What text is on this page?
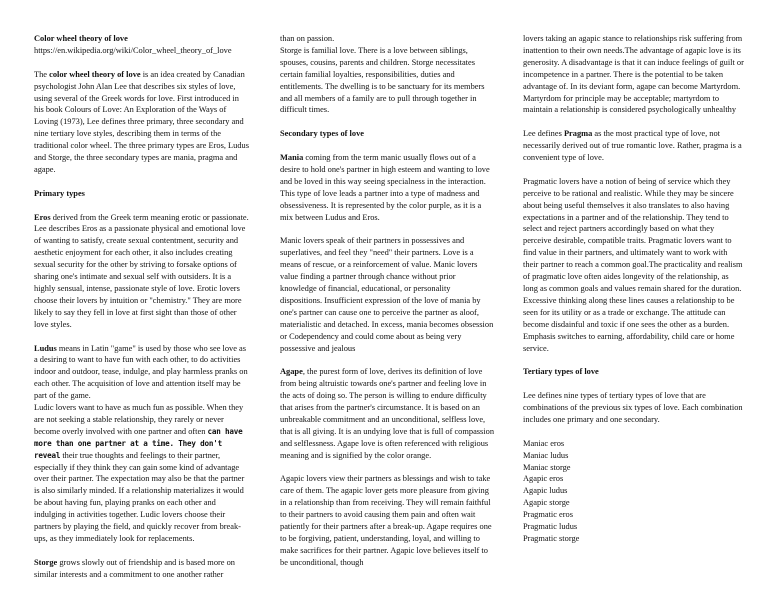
Color wheel theory of love

https://en.wikipedia.org/wiki/Color_wheel_theory_of_love

The color wheel theory of love is an idea created by Canadian psychologist John Alan Lee that describes six styles of love, using several of the Greek words for love. First introduced in his book Colours of Love: An Exploration of the Ways of Loving (1973), Lee defines three primary, three secondary and nine tertiary love styles, describing them in terms of the traditional color wheel. The three primary types are Eros, Ludus and Storge, the three secondary types are mania, pragma and agape.

Primary types

Eros derived from the Greek term meaning erotic or passionate. Lee describes Eros as a passionate physical and emotional love of wanting to satisfy, create sexual contentment, security and aesthetic enjoyment for each other, it also includes creating sexual security for the other by striving to forsake options of sharing one's intimate and sexual self with outsiders. It is a highly sensual, intense, passionate style of love. Erotic lovers choose their lovers by intuition or "chemistry." They are more likely to say they fell in love at first sight than those of other love styles.

Ludus means in Latin "game" is used by those who see love as a desiring to want to have fun with each other, to do activities indoor and outdoor, tease, indulge, and play harmless pranks on each other. The acquisition of love and attention itself may be part of the game.

Ludic lovers want to have as much fun as possible. When they are not seeking a stable relationship, they rarely or never become overly involved with one partner and often can have more than one partner at a time. They don't reveal their true thoughts and feelings to their partner, especially if they think they can gain some kind of advantage over their partner. The expectation may also be that the partner is also similarly minded. If a relationship materializes it would be about having fun, playing pranks on each other and indulging in activities together. Ludic lovers choose their partners by playing the field, and quickly recover from break-ups, as they immediately look for replacements.

Storge grows slowly out of friendship and is based more on similar interests and a commitment to one another rather

than on passion.

Storge is familial love. There is a love between siblings, spouses, cousins, parents and children. Storge necessitates certain familial loyalties, responsibilities, duties and entitlements. The dwelling is to be sanctuary for its members and all members of a family are to pull through together in difficult times.

Secondary types of love

Mania coming from the term manic usually flows out of a desire to hold one's partner in high esteem and wanting to love and be loved in this way seeing specialness in the interaction. This type of love leads a partner into a type of madness and obsessiveness. It is represented by the color purple, as it is a mix between Ludus and Eros.

Manic lovers speak of their partners in possessives and superlatives, and feel they "need" their partners. Love is a means of rescue, or a reinforcement of value. Manic lovers value finding a partner through chance without prior knowledge of financial, educational, or personality dispositions. Insufficient expression of the love of mania by one's partner can cause one to perceive the partner as aloof, materialistic and detached. In excess, mania becomes obsession or Codependency and could come about as being very possessive and jealous

Agape, the purest form of love, derives its definition of love from being altruistic towards one's partner and feeling love in the acts of doing so. The person is willing to endure difficulty that arises from the partner's circumstance. It is based on an unbreakable commitment and an unconditional, selfless love, that is all giving. It is an undying love that is full of compassion and selflessness. Agape love is often referenced with religious meaning and is signified by the color orange.

Agapic lovers view their partners as blessings and wish to take care of them. The agapic lover gets more pleasure from giving in a relationship than from receiving. They will remain faithful to their partners to avoid causing them pain and often wait patiently for their partners after a break-up. Agape requires one to be forgiving, patient, understanding, loyal, and willing to make sacrifices for their partner. Agapic love believes itself to be unconditional, though

lovers taking an agapic stance to relationships risk suffering from inattention to their own needs.The advantage of agapic love is its generosity. A disadvantage is that it can induce feelings of guilt or incompetence in a partner. There is the potential to be taken advantage of. In its deviant form, agape can become Martyrdom. Martyrdom for principle may be acceptable; martyrdom to maintain a relationship is considered psychologically unhealthy

Lee defines Pragma as the most practical type of love, not necessarily derived out of true romantic love. Rather, pragma is a convenient type of love.

Pragmatic lovers have a notion of being of service which they perceive to be rational and realistic. While they may be sincere about being useful themselves it also translates to also having expectations in a partner and of the relationship. They tend to select and reject partners accordingly based on what they perceive desirable, compatible traits. Pragmatic lovers want to find value in their partners, and ultimately want to work with their partner to reach a common goal.The practicality and realism of pragmatic love often aides longevity of the relationship, as long as common goals and values remain shared for the duration. Excessive thinking along these lines causes a relationship to be seen for its utility or as a trade or exchange. The attitude can become disdainful and toxic if one sees the other as a burden. Emphasis switches to earning, affordability, child care or home service.

Tertiary types of love

Lee defines nine types of tertiary types of love that are combinations of the previous six types of love. Each combination includes one primary and one secondary.

Maniac eros
Maniac ludus
Maniac storge
Agapic eros
Agapic ludus
Agapic storge
Pragmatic eros
Pragmatic ludus
Pragmatic storge
